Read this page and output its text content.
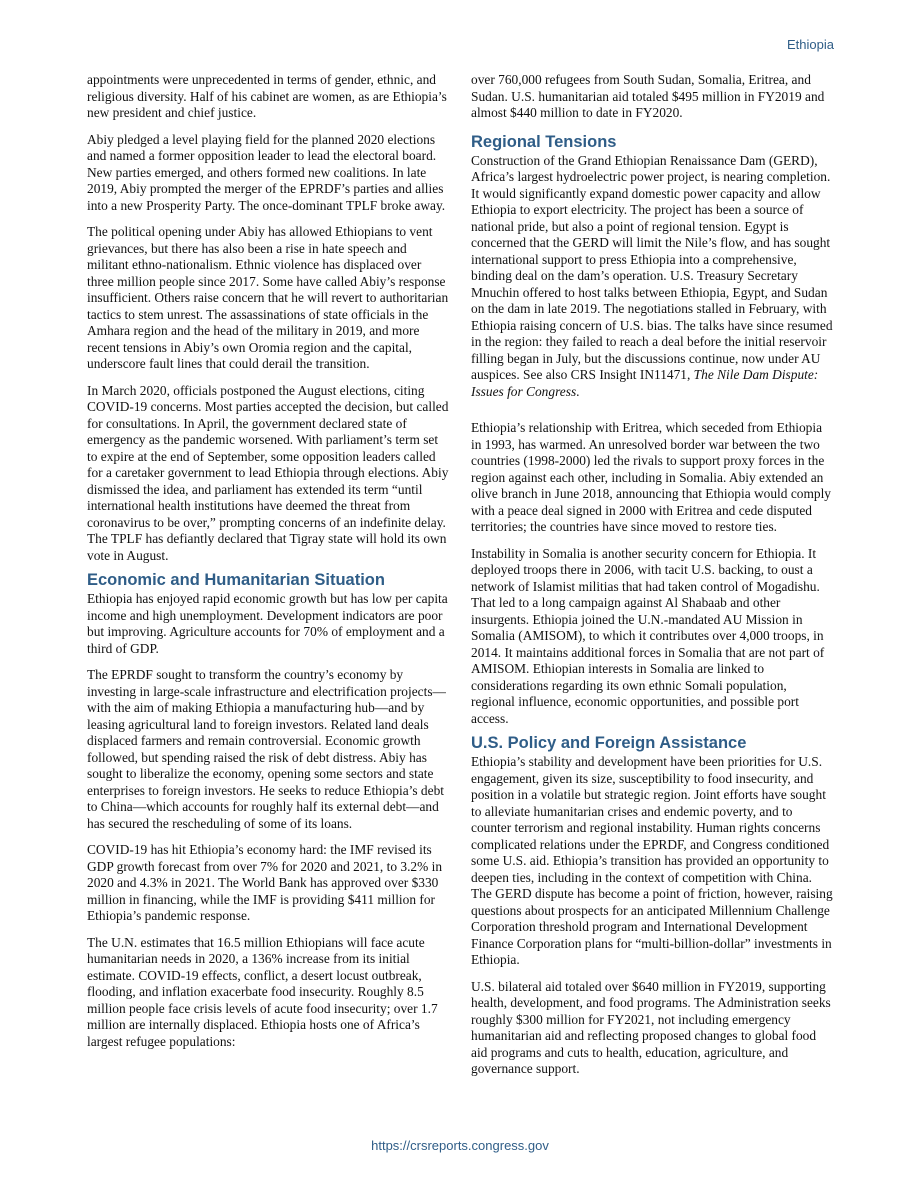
Ethiopia

appointments were unprecedented in terms of gender, ethnic, and religious diversity. Half of his cabinet are women, as are Ethiopia’s new president and chief justice.

Abiy pledged a level playing field for the planned 2020 elections and named a former opposition leader to lead the electoral board. New parties emerged, and others formed new coalitions. In late 2019, Abiy prompted the merger of the EPRDF’s parties and allies into a new Prosperity Party. The once-dominant TPLF broke away.

The political opening under Abiy has allowed Ethiopians to vent grievances, but there has also been a rise in hate speech and militant ethno-nationalism. Ethnic violence has displaced over three million people since 2017. Some have called Abiy’s response insufficient. Others raise concern that he will revert to authoritarian tactics to stem unrest. The assassinations of state officials in the Amhara region and the head of the military in 2019, and more recent tensions in Abiy’s own Oromia region and the capital, underscore fault lines that could derail the transition.

In March 2020, officials postponed the August elections, citing COVID-19 concerns. Most parties accepted the decision, but called for consultations. In April, the government declared state of emergency as the pandemic worsened. With parliament’s term set to expire at the end of September, some opposition leaders called for a caretaker government to lead Ethiopia through elections. Abiy dismissed the idea, and parliament has extended its term “until international health institutions have deemed the threat from coronavirus to be over,” prompting concerns of an indefinite delay. The TPLF has defiantly declared that Tigray state will hold its own vote in August.

Economic and Humanitarian Situation

Ethiopia has enjoyed rapid economic growth but has low per capita income and high unemployment. Development indicators are poor but improving. Agriculture accounts for 70% of employment and a third of GDP.

The EPRDF sought to transform the country’s economy by investing in large-scale infrastructure and electrification projects—with the aim of making Ethiopia a manufacturing hub—and by leasing agricultural land to foreign investors. Related land deals displaced farmers and remain controversial. Economic growth followed, but spending raised the risk of debt distress. Abiy has sought to liberalize the economy, opening some sectors and state enterprises to foreign investors. He seeks to reduce Ethiopia’s debt to China—which accounts for roughly half its external debt—and has secured the rescheduling of some of its loans.

COVID-19 has hit Ethiopia’s economy hard: the IMF revised its GDP growth forecast from over 7% for 2020 and 2021, to 3.2% in 2020 and 4.3% in 2021. The World Bank has approved over $330 million in financing, while the IMF is providing $411 million for Ethiopia’s pandemic response.

The U.N. estimates that 16.5 million Ethiopians will face acute humanitarian needs in 2020, a 136% increase from its initial estimate. COVID-19 effects, conflict, a desert locust outbreak, flooding, and inflation exacerbate food insecurity. Roughly 8.5 million people face crisis levels of acute food insecurity; over 1.7 million are internally displaced. Ethiopia hosts one of Africa’s largest refugee populations:

over 760,000 refugees from South Sudan, Somalia, Eritrea, and Sudan. U.S. humanitarian aid totaled $495 million in FY2019 and almost $440 million to date in FY2020.

Regional Tensions

Construction of the Grand Ethiopian Renaissance Dam (GERD), Africa’s largest hydroelectric power project, is nearing completion. It would significantly expand domestic power capacity and allow Ethiopia to export electricity. The project has been a source of national pride, but also a point of regional tension. Egypt is concerned that the GERD will limit the Nile’s flow, and has sought international support to press Ethiopia into a comprehensive, binding deal on the dam’s operation. U.S. Treasury Secretary Mnuchin offered to host talks between Ethiopia, Egypt, and Sudan on the dam in late 2019. The negotiations stalled in February, with Ethiopia raising concern of U.S. bias. The talks have since resumed in the region: they failed to reach a deal before the initial reservoir filling began in July, but the discussions continue, now under AU auspices. See also CRS Insight IN11471, The Nile Dam Dispute: Issues for Congress.

Ethiopia’s relationship with Eritrea, which seceded from Ethiopia in 1993, has warmed. An unresolved border war between the two countries (1998-2000) led the rivals to support proxy forces in the region against each other, including in Somalia. Abiy extended an olive branch in June 2018, announcing that Ethiopia would comply with a peace deal signed in 2000 with Eritrea and cede disputed territories; the countries have since moved to restore ties.

Instability in Somalia is another security concern for Ethiopia. It deployed troops there in 2006, with tacit U.S. backing, to oust a network of Islamist militias that had taken control of Mogadishu. That led to a long campaign against Al Shabaab and other insurgents. Ethiopia joined the U.N.-mandated AU Mission in Somalia (AMISOM), to which it contributes over 4,000 troops, in 2014. It maintains additional forces in Somalia that are not part of AMISOM. Ethiopian interests in Somalia are linked to considerations regarding its own ethnic Somali population, regional influence, economic opportunities, and possible port access.

U.S. Policy and Foreign Assistance

Ethiopia’s stability and development have been priorities for U.S. engagement, given its size, susceptibility to food insecurity, and position in a volatile but strategic region. Joint efforts have sought to alleviate humanitarian crises and endemic poverty, and to counter terrorism and regional instability. Human rights concerns complicated relations under the EPRDF, and Congress conditioned some U.S. aid. Ethiopia’s transition has provided an opportunity to deepen ties, including in the context of competition with China. The GERD dispute has become a point of friction, however, raising questions about prospects for an anticipated Millennium Challenge Corporation threshold program and International Development Finance Corporation plans for “multi-billion-dollar” investments in Ethiopia.

U.S. bilateral aid totaled over $640 million in FY2019, supporting health, development, and food programs. The Administration seeks roughly $300 million for FY2021, not including emergency humanitarian aid and reflecting proposed changes to global food aid programs and cuts to health, education, agriculture, and governance support.

https://crsreports.congress.gov
